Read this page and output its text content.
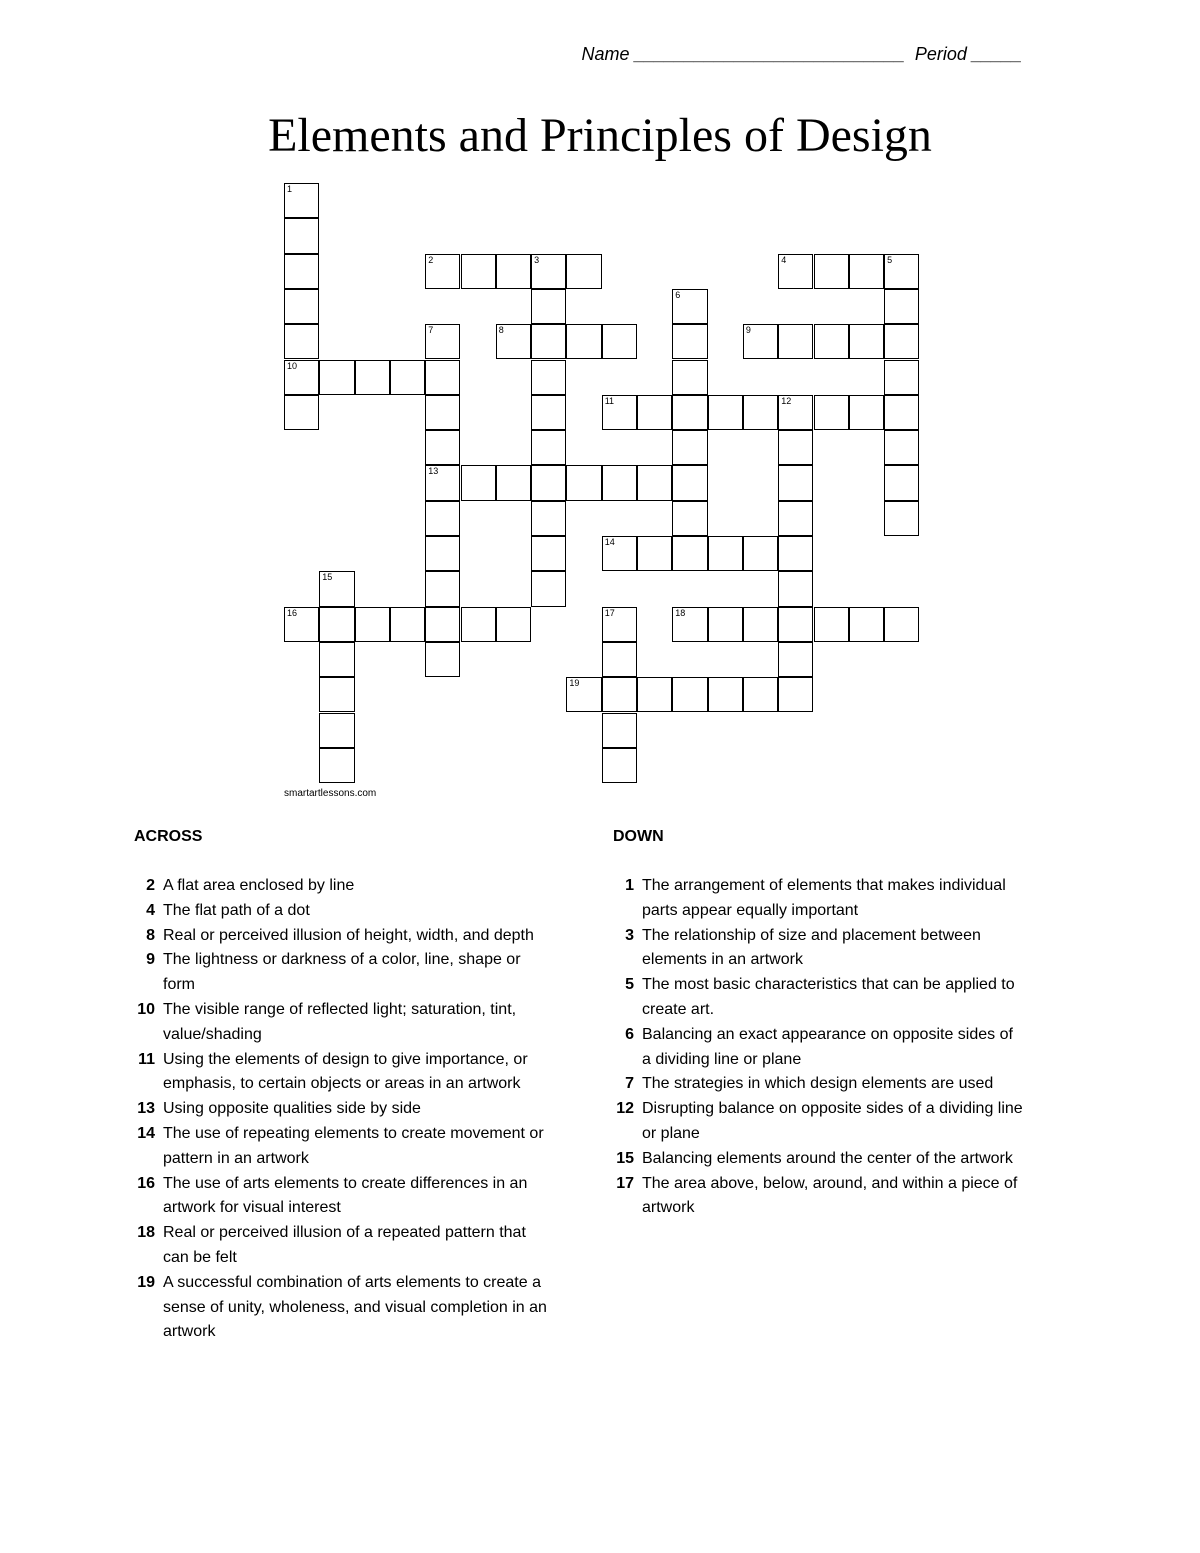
Name ___________________________ Period _____
Elements and Principles of Design
1
2	3	4	5
6
7	8	9
10
11	12
13
14
15
16	17	18
19
smartartlessons.com
ACROSS	DOWN
2 A flat area enclosed by line
4 The flat path of a dot
8 Real or perceived illusion of height, width, and depth
9 The lightness or darkness of a color, line, shape or form
10 The visible range of reflected light; saturation, tint, value/shading
11 Using the elements of design to give importance, or emphasis, to certain objects or areas in an artwork
13 Using opposite qualities side by side
14 The use of repeating elements to create movement or pattern in an artwork
16 The use of arts elements to create differences in an artwork for visual interest
18 Real or perceived illusion of a repeated pattern that can be felt
19 A successful combination of arts elements to create a sense of unity, wholeness, and visual completion in an artwork
1 The arrangement of elements that makes individual parts appear equally important
3 The relationship of size and placement between elements in an artwork
5 The most basic characteristics that can be applied to create art.
6 Balancing an exact appearance on opposite sides of a dividing line or plane
7 The strategies in which design elements are used
12 Disrupting balance on opposite sides of a dividing line or plane
15 Balancing elements around the center of the artwork
17 The area above, below, around, and within a piece of artwork
